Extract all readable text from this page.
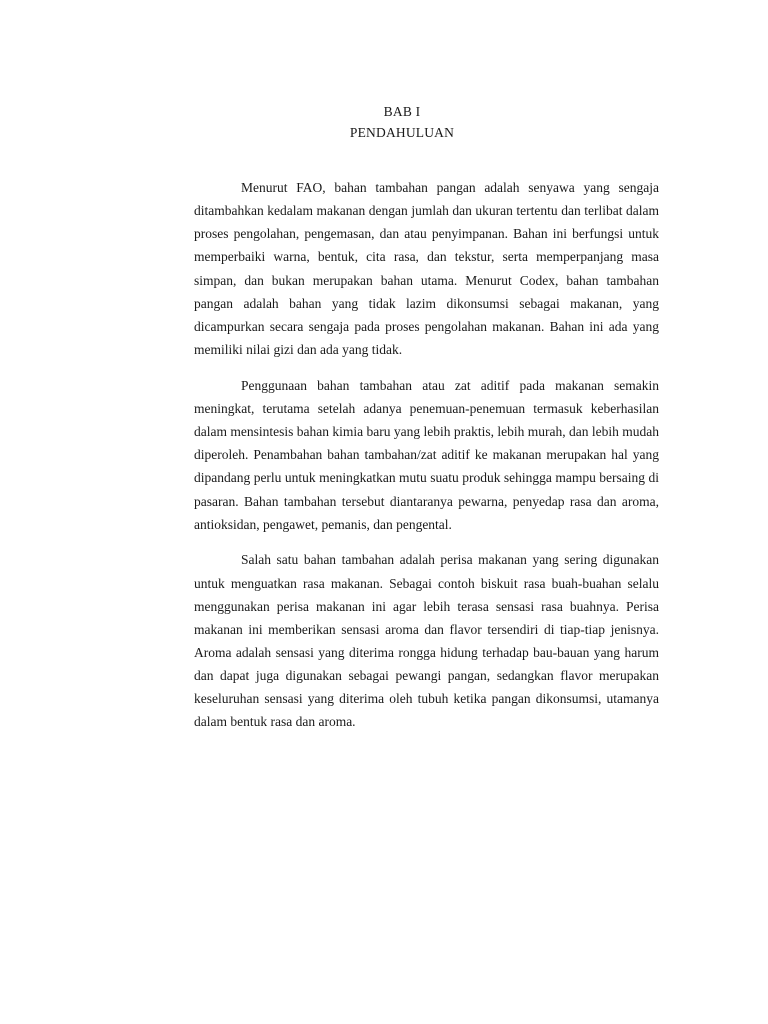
BAB I
PENDAHULUAN

Menurut FAO, bahan tambahan pangan adalah senyawa yang sengaja ditambahkan kedalam makanan dengan jumlah dan ukuran tertentu dan terlibat dalam proses pengolahan, pengemasan, dan atau penyimpanan. Bahan ini berfungsi untuk memperbaiki warna, bentuk, cita rasa, dan tekstur, serta memperpanjang masa simpan, dan bukan merupakan bahan utama. Menurut Codex, bahan tambahan pangan adalah bahan yang tidak lazim dikonsumsi sebagai makanan, yang dicampurkan secara sengaja pada proses pengolahan makanan. Bahan ini ada yang memiliki nilai gizi dan ada yang tidak.

Penggunaan bahan tambahan atau zat aditif pada makanan semakin meningkat, terutama setelah adanya penemuan-penemuan termasuk keberhasilan dalam mensintesis bahan kimia baru yang lebih praktis, lebih murah, dan lebih mudah diperoleh. Penambahan bahan tambahan/zat aditif ke makanan merupakan hal yang dipandang perlu untuk meningkatkan mutu suatu produk sehingga mampu bersaing di pasaran. Bahan tambahan tersebut diantaranya pewarna, penyedap rasa dan aroma, antioksidan, pengawet, pemanis, dan pengental.

Salah satu bahan tambahan adalah perisa makanan yang sering digunakan untuk menguatkan rasa makanan. Sebagai contoh biskuit rasa buah-buahan selalu menggunakan perisa makanan ini agar lebih terasa sensasi rasa buahnya. Perisa makanan ini memberikan sensasi aroma dan flavor tersendiri di tiap-tiap jenisnya. Aroma adalah sensasi yang diterima rongga hidung terhadap bau-bauan yang harum dan dapat juga digunakan sebagai pewangi pangan, sedangkan flavor merupakan keseluruhan sensasi yang diterima oleh tubuh ketika pangan dikonsumsi, utamanya dalam bentuk rasa dan aroma.
